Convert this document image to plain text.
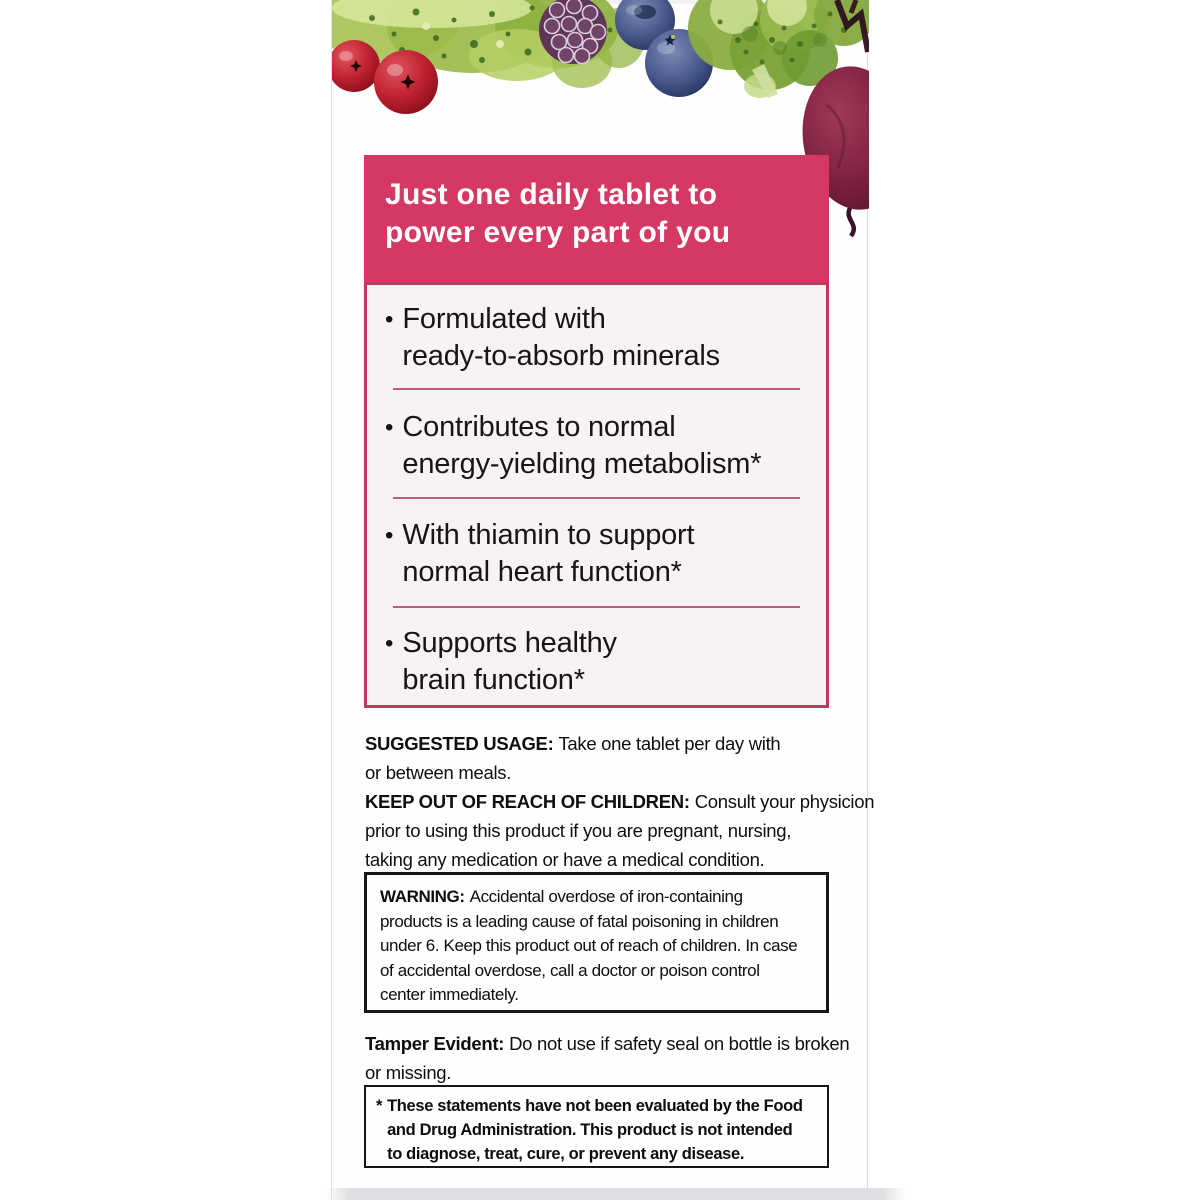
Just one daily tablet to
power every part of you
• Formulated with
ready-to-absorb minerals
• Contributes to normal
energy-yielding metabolism*
• With thiamin to support
normal heart function*
• Supports healthy
brain function*
SUGGESTED USAGE: Take one tablet per day with
or between meals.
KEEP OUT OF REACH OF CHILDREN: Consult your physicion
prior to using this product if you are pregnant, nursing,
taking any medication or have a medical condition.
WARNING: Accidental overdose of iron-containing
products is a leading cause of fatal poisoning in children
under 6. Keep this product out of reach of children. In case
of accidental overdose, call a doctor or poison control
center immediately.
Tamper Evident: Do not use if safety seal on bottle is broken
or missing.
* These statements have not been evaluated by the Food
and Drug Administration. This product is not intended
to diagnose, treat, cure, or prevent any disease.
